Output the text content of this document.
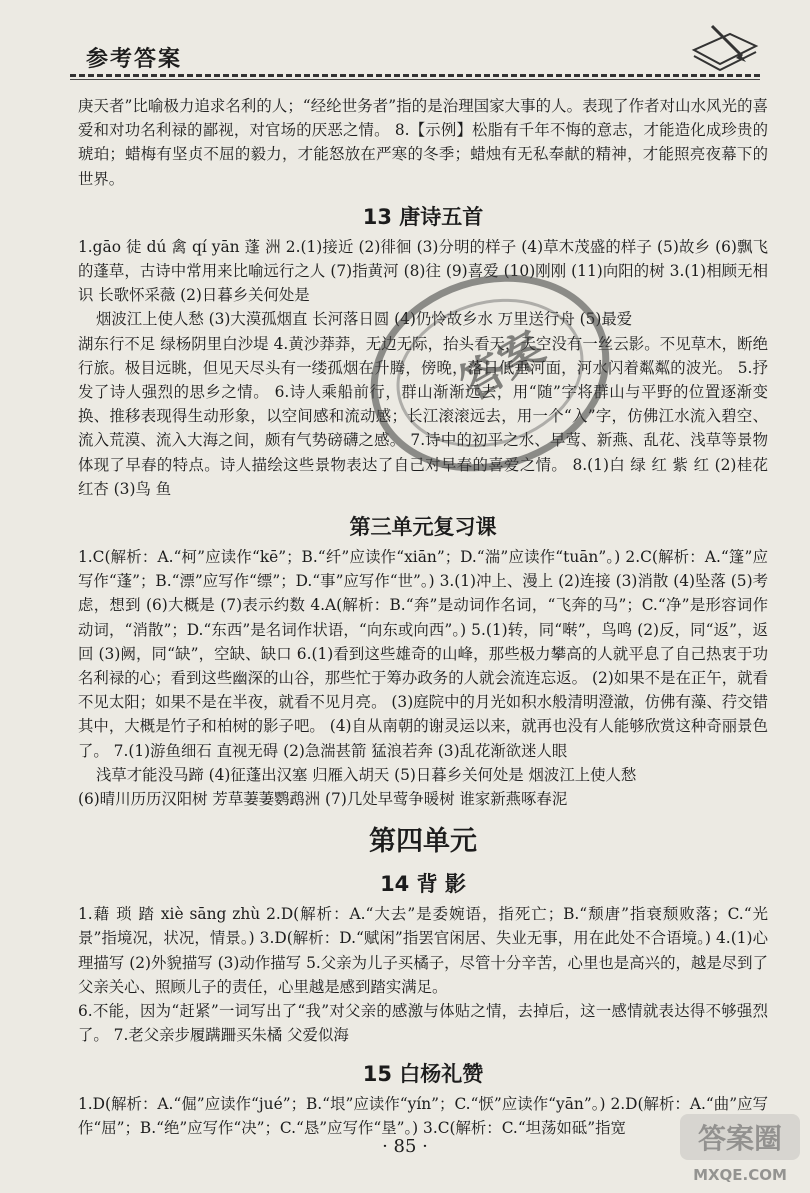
参考答案
庚天者”比喻极力追求名利的人；“经纶世务者”指的是治理国家大事的人。表现了作者对山水风光的喜爱和对功名利禄的鄙视，对官场的厌恶之情。 8.【示例】松脂有千年不悔的意志，才能造化成珍贵的琥珀；蜡梅有坚贞不屈的毅力，才能怒放在严寒的冬季；蜡烛有无私奉献的精神，才能照亮夜幕下的世界。
13 唐诗五首
1.gāo 徒 dú 禽 qí yān 蓬 洲 2.(1)接近 (2)徘徊 (3)分明的样子 (4)草木茂盛的样子 (5)故乡 (6)飘飞的蓬草，古诗中常用来比喻远行之人 (7)指黄河 (8)往 (9)喜爱 (10)刚刚 (11)向阳的树 3.(1)相顾无相识 长歌怀采薇 (2)日暮乡关何处是
烟波江上使人愁 (3)大漠孤烟直 长河落日圆 (4)仍怜故乡水 万里送行舟 (5)最爱
湖东行不足 绿杨阴里白沙堤 4.黄沙莽莽，无边无际，抬头看天，天空没有一丝云影。不见草木，断绝行旅。极目远眺，但见天尽头有一缕孤烟在升腾，傍晚，落日低垂河面，河水闪着粼粼的波光。 5.抒发了诗人强烈的思乡之情。 6.诗人乘船前行，群山渐渐远去，用“随”字将群山与平野的位置逐渐变换、推移表现得生动形象，以空间感和流动感；长江滚滚远去，用一个“入”字，仿佛江水流入碧空、流入荒漠、流入大海之间，颇有气势磅礴之感。 7.诗中的初平之水、早莺、新燕、乱花、浅草等景物体现了早春的特点。诗人描绘这些景物表达了自己对早春的喜爱之情。 8.(1)白 绿 红 紫 红 (2)桂花 红杏 (3)鸟 鱼
第三单元复习课
1.C(解析：A.“柯”应读作“kē”；B.“纤”应读作“xiān”；D.“湍”应读作“tuān”。) 2.C(解析：A.“篷”应写作“蓬”；B.“漂”应写作“缥”；D.“事”应写作“世”。) 3.(1)冲上、漫上 (2)连接 (3)消散 (4)坠落 (5)考虑，想到 (6)大概是 (7)表示约数 4.A(解析：B.“奔”是动词作名词，“飞奔的马”；C.“净”是形容词作动词，“消散”；D.“东西”是名词作状语，“向东或向西”。) 5.(1)转，同“啭”，鸟鸣 (2)反，同“返”，返回 (3)阙，同“缺”，空缺、缺口 6.(1)看到这些雄奇的山峰，那些极力攀高的人就平息了自己热衷于功名利禄的心；看到这些幽深的山谷，那些忙于筹办政务的人就会流连忘返。 (2)如果不是在正午，就看不见太阳；如果不是在半夜，就看不见月亮。 (3)庭院中的月光如积水般清明澄澈，仿佛有藻、荇交错其中，大概是竹子和柏树的影子吧。 (4)自从南朝的谢灵运以来，就再也没有人能够欣赏这种奇丽景色了。 7.(1)游鱼细石 直视无碍 (2)急湍甚箭 猛浪若奔 (3)乱花渐欲迷人眼
浅草才能没马蹄 (4)征蓬出汉塞 归雁入胡天 (5)日暮乡关何处是 烟波江上使人愁
(6)晴川历历汉阳树 芳草萋萋鹦鹉洲 (7)几处早莺争暖树 谁家新燕啄春泥
第四单元
14 背 影
1.藉 琐 踏 xiè sāng zhù 2.D(解析：A.“大去”是委婉语，指死亡；B.“颓唐”指衰颓败落；C.“光景”指境况，状况，情景。) 3.D(解析：D.“赋闲”指罢官闲居、失业无事，用在此处不合语境。) 4.(1)心理描写 (2)外貌描写 (3)动作描写 5.父亲为儿子买橘子，尽管十分辛苦，心里也是高兴的，越是尽到了父亲关心、照顾儿子的责任，心里越是感到踏实满足。
6.不能，因为“赶紧”一词写出了“我”对父亲的感激与体贴之情，去掉后，这一感情就表达得不够强烈了。 7.老父亲步履蹒跚买朱橘 父爱似海
15 白杨礼赞
1.D(解析：A.“倔”应读作“jué”；B.“垠”应读作“yín”；C.“恹”应读作“yān”。) 2.D(解析：A.“曲”应写作“屈”；B.“绝”应写作“决”；C.“恳”应写作“垦”。) 3.C(解析：C.“坦荡如砥”指宽
答案
· 85 ·	答案圈
MXQE.COM
